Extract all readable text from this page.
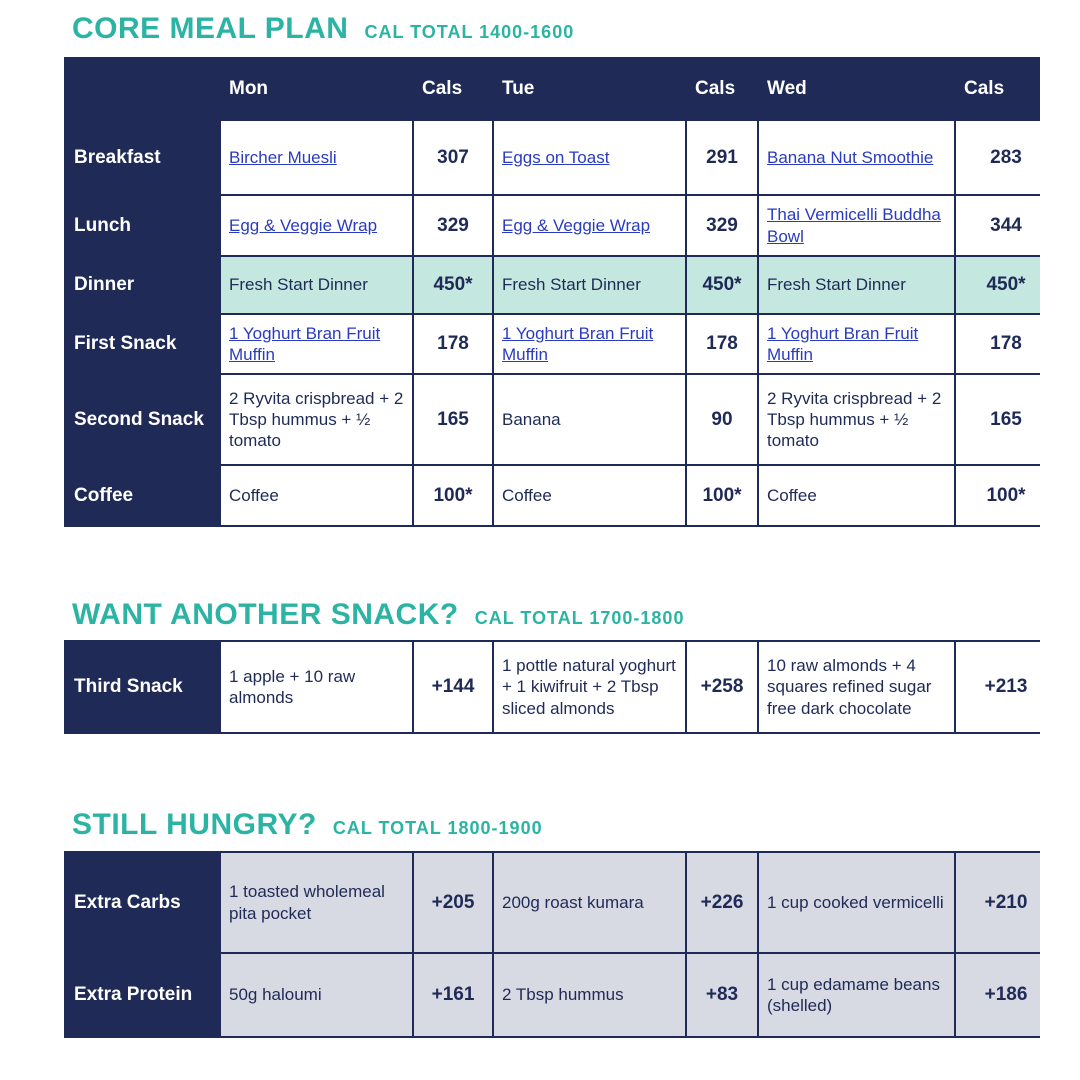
CORE MEAL PLAN CAL TOTAL 1400-1600
	Mon	Cals	Tue	Cals	Wed	Cals
Breakfast	Bircher Muesli	307	Eggs on Toast	291	Banana Nut Smoothie	283
Lunch	Egg & Veggie Wrap	329	Egg & Veggie Wrap	329	Thai Vermicelli Buddha Bowl	344
Dinner	Fresh Start Dinner	450*	Fresh Start Dinner	450*	Fresh Start Dinner	450*
First Snack	1 Yoghurt Bran Fruit Muffin	178	1 Yoghurt Bran Fruit Muffin	178	1 Yoghurt Bran Fruit Muffin	178
Second Snack	2 Ryvita crispbread + 2 Tbsp hummus + ½ tomato	165	Banana	90	2 Ryvita crispbread + 2 Tbsp hummus + ½ tomato	165
Coffee	Coffee	100*	Coffee	100*	Coffee	100*
WANT ANOTHER SNACK? CAL TOTAL 1700-1800
Third Snack	1 apple + 10 raw almonds	+144	1 pottle natural yoghurt + 1 kiwifruit + 2 Tbsp sliced almonds	+258	10 raw almonds + 4 squares refined sugar free dark chocolate	+213
STILL HUNGRY? CAL TOTAL 1800-1900
Extra Carbs	1 toasted wholemeal pita pocket	+205	200g roast kumara	+226	1 cup cooked vermicelli	+210
Extra Protein	50g haloumi	+161	2 Tbsp hummus	+83	1 cup edamame beans (shelled)	+186
